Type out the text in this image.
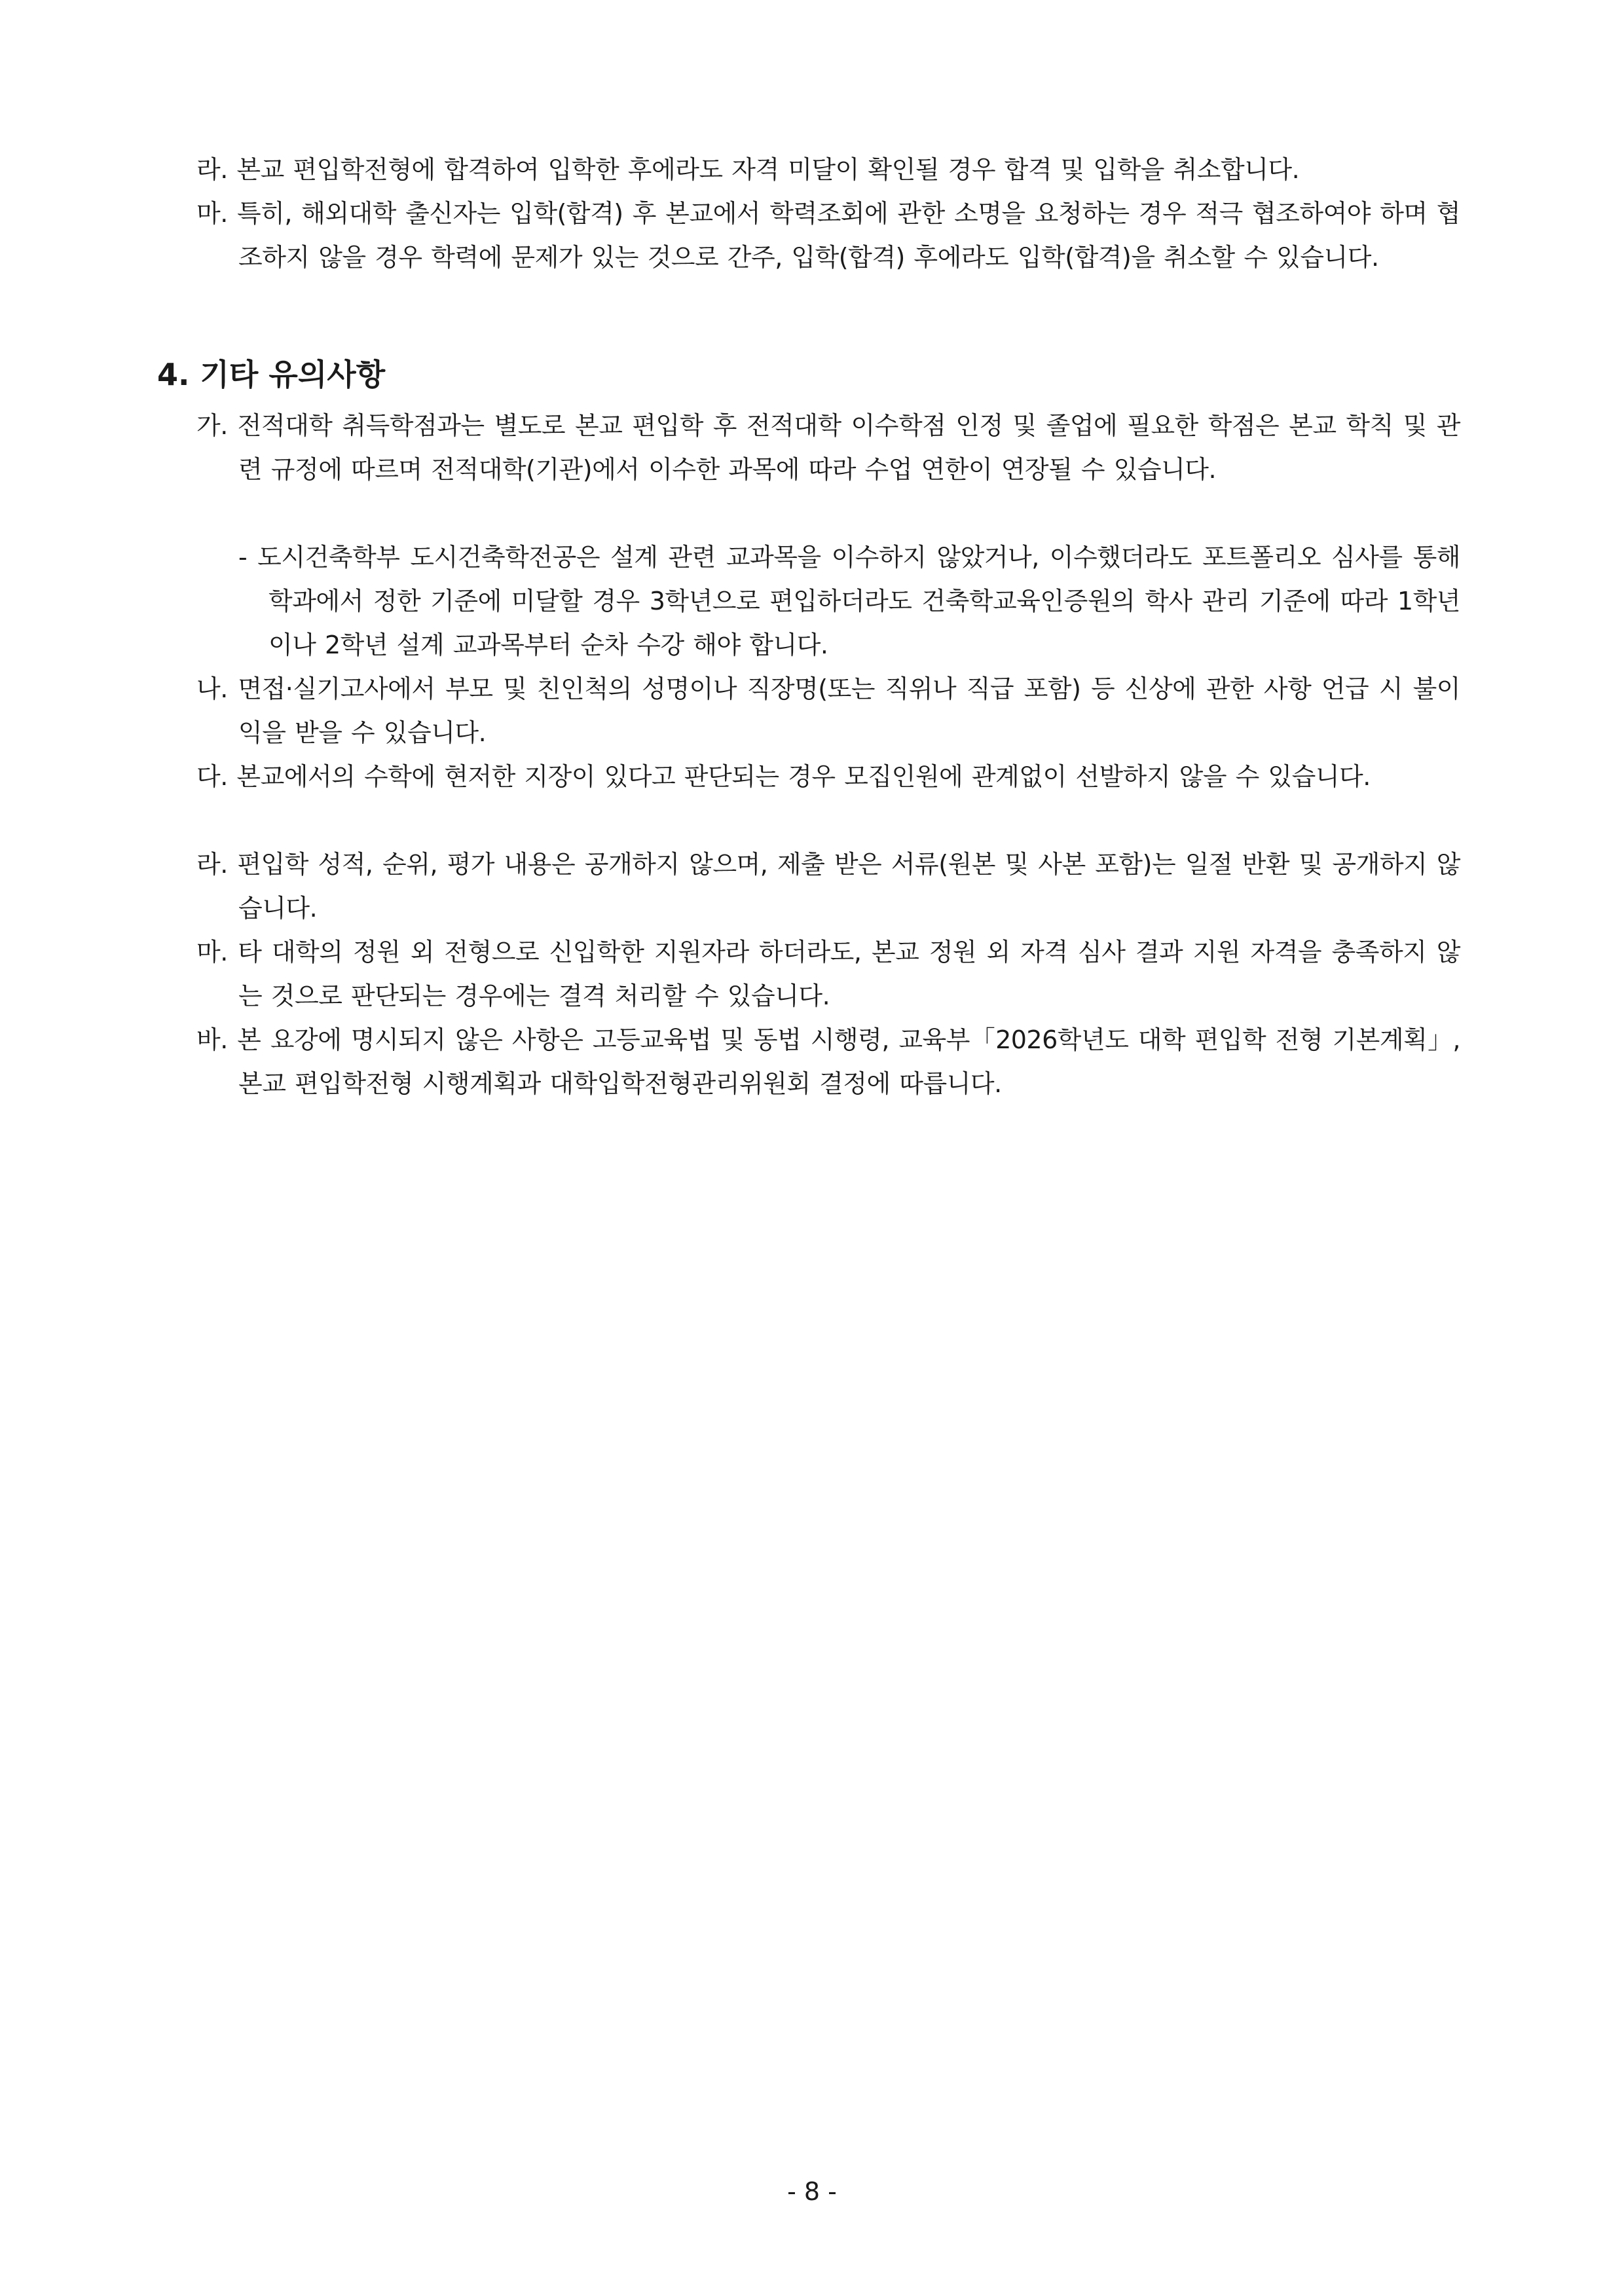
라. 본교 편입학전형에 합격하여 입학한 후에라도 자격 미달이 확인될 경우 합격 및 입학을 취소합니다.

마. 특히, 해외대학 출신자는 입학(합격) 후 본교에서 학력조회에 관한 소명을 요청하는 경우 적극 협조하여야 하며 협조하지 않을 경우 학력에 문제가 있는 것으로 간주, 입학(합격) 후에라도 입학(합격)을 취소할 수 있습니다.

4. 기타 유의사항

가. 전적대학 취득학점과는 별도로 본교 편입학 후 전적대학 이수학점 인정 및 졸업에 필요한 학점은 본교 학칙 및 관련 규정에 따르며 전적대학(기관)에서 이수한 과목에 따라 수업 연한이 연장될 수 있습니다.

- 도시건축학부 도시건축학전공은 설계 관련 교과목을 이수하지 않았거나, 이수했더라도 포트폴리오 심사를 통해 학과에서 정한 기준에 미달할 경우 3학년으로 편입하더라도 건축학교육인증원의 학사 관리 기준에 따라 1학년이나 2학년 설계 교과목부터 순차 수강 해야 합니다.

나. 면접·실기고사에서 부모 및 친인척의 성명이나 직장명(또는 직위나 직급 포함) 등 신상에 관한 사항 언급 시 불이익을 받을 수 있습니다.

다. 본교에서의 수학에 현저한 지장이 있다고 판단되는 경우 모집인원에 관계없이 선발하지 않을 수 있습니다.

라. 편입학 성적, 순위, 평가 내용은 공개하지 않으며, 제출 받은 서류(원본 및 사본 포함)는 일절 반환 및 공개하지 않습니다.

마. 타 대학의 정원 외 전형으로 신입학한 지원자라 하더라도, 본교 정원 외 자격 심사 결과 지원 자격을 충족하지 않는 것으로 판단되는 경우에는 결격 처리할 수 있습니다.

바. 본 요강에 명시되지 않은 사항은 고등교육법 및 동법 시행령, 교육부「2026학년도 대학 편입학 전형 기본계획」, 본교 편입학전형 시행계획과 대학입학전형관리위원회 결정에 따릅니다.

- 8 -
